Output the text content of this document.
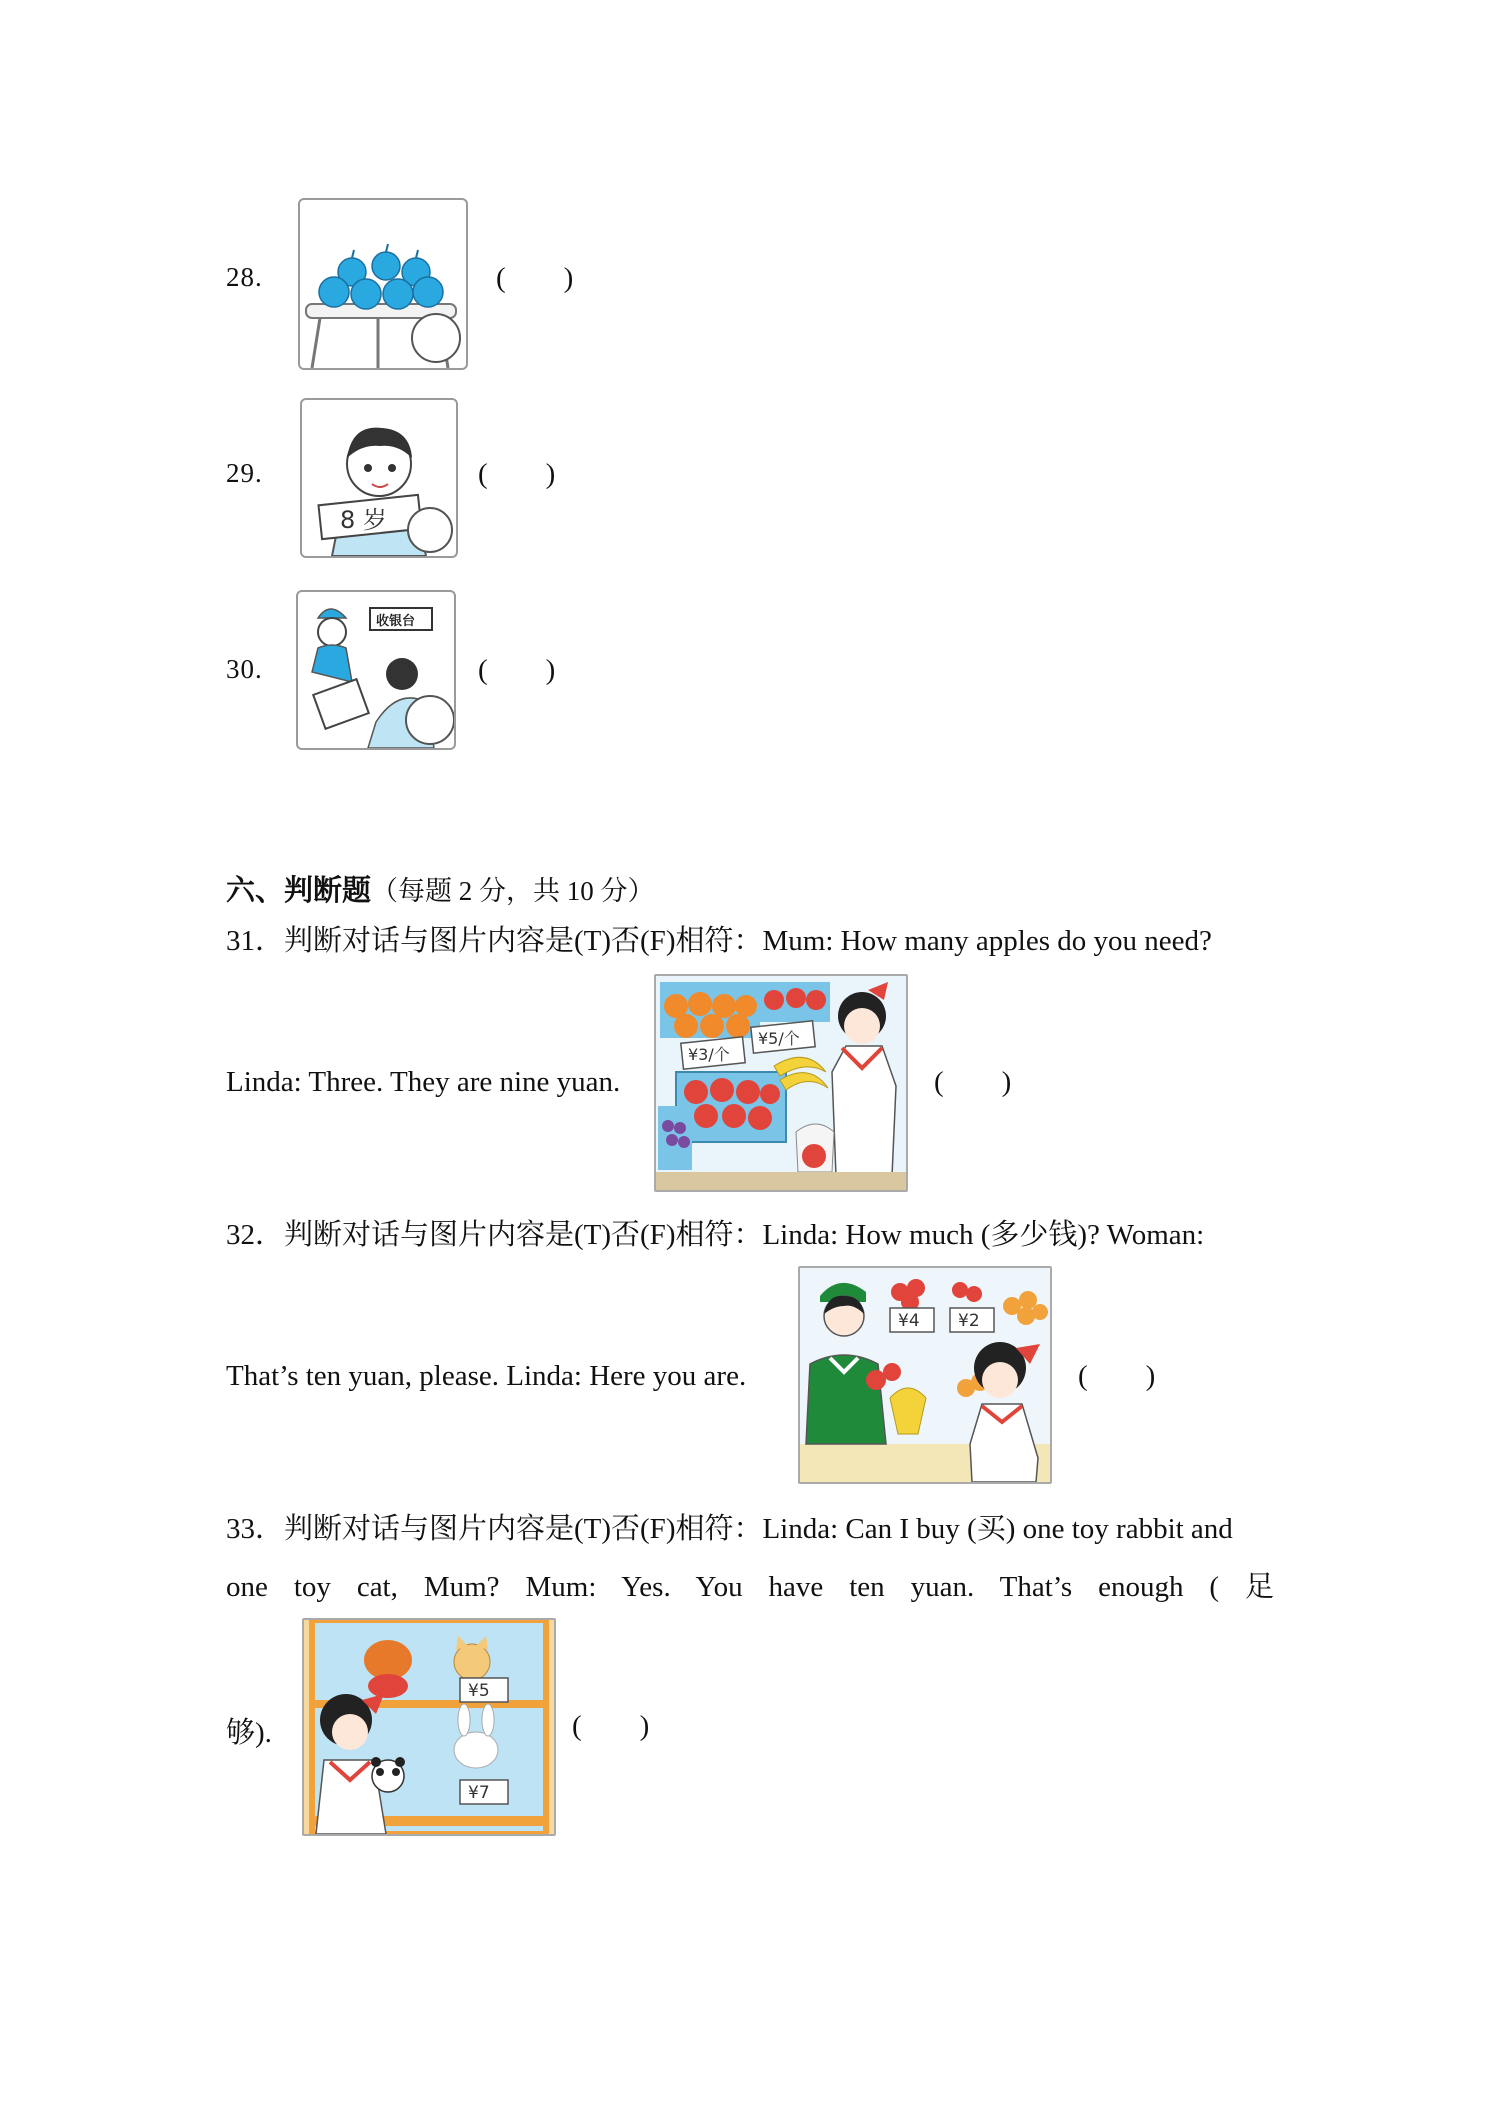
28.	(        )
29.
8 岁
(        )
30.
收银台
(        )
六、判断题（每题 2 分，共 10 分）
31．判断对话与图片内容是(T)否(F)相符：Mum: How many apples do you need?
Linda: Three. They are nine yuan.
¥3/个
¥5/个
(        )
32．判断对话与图片内容是(T)否(F)相符：Linda: How much (多少钱)? Woman:
That’s ten yuan, please. Linda: Here you are.
¥4 ¥2
(        )
33．判断对话与图片内容是(T)否(F)相符：Linda: Can I buy (买) one toy rabbit and
one toy cat, Mum? Mum: Yes. You have ten yuan. That’s enough ( 足
够).
¥5
¥7
(        )
